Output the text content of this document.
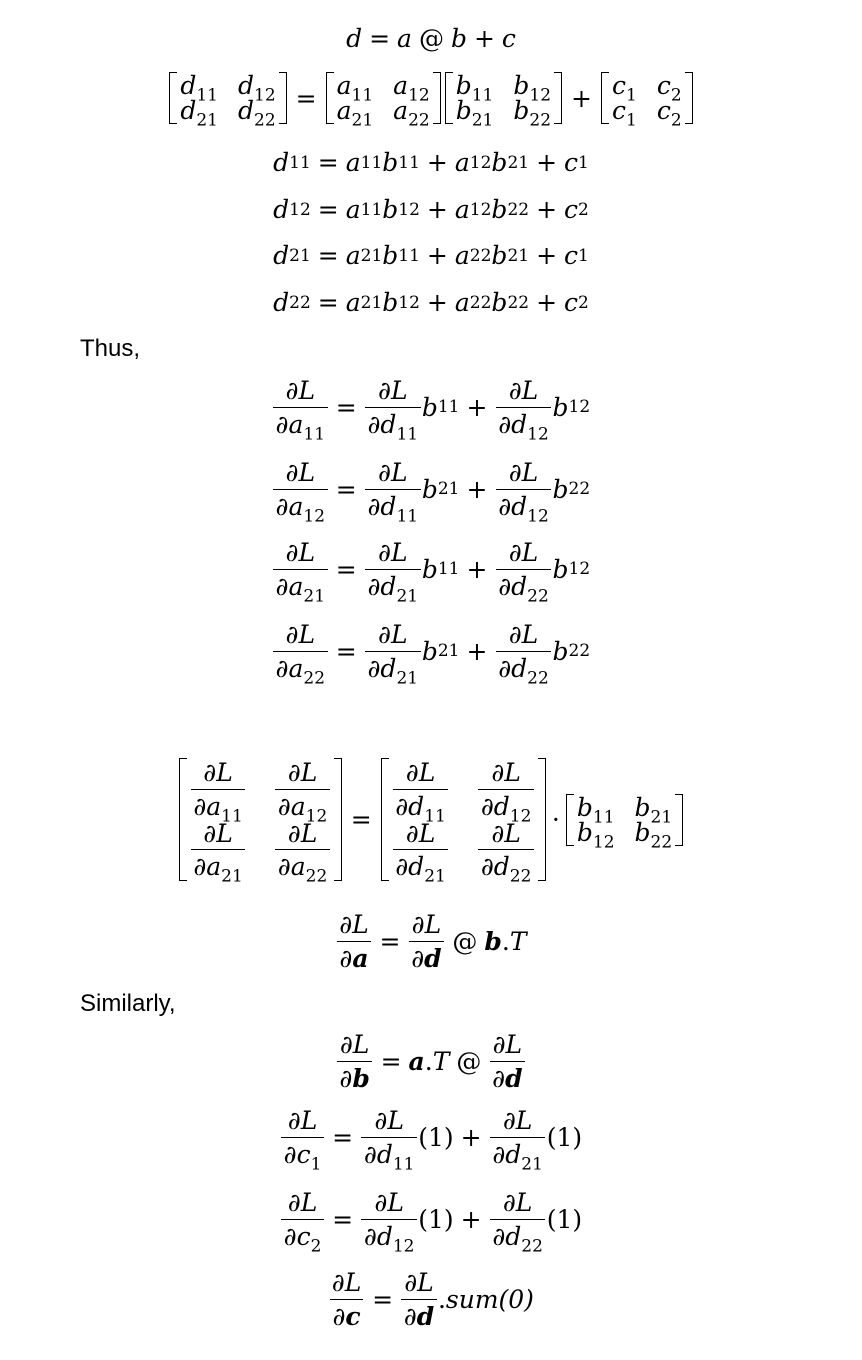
d = a @ b + c
$d_{11}$ $d_{12}$
$d_{21}$ $d_{22}$
= $a_{11}$ $a_{12}$
$a_{21}$ $a_{22}$
$b_{11}$ $b_{12}$
$b_{21}$ $b_{22}$
+ $c_1$ $c_2$
$c_1$ $c_2$
d 11 = a 11 b 11 + a 12 b 21 + c 1
d 12 = a 11 b 12 + a 12 b 22 + c 2
d 21 = a 21 b 11 + a 22 b 21 + c 1
d 22 = a 21 b 12 + a 22 b 22 + c 2
Thus,
$\frac{\partial L}{\partial a_{11}} = \frac{\partial L}{\partial d_{11}}$ b $11 + \frac{\partial L}{\partial d_{12}}$ b 12
$\frac{\partial L}{\partial a_{12}} = \frac{\partial L}{\partial d_{11}}$ b $21 + \frac{\partial L}{\partial d_{12}}$ b 22
$\frac{\partial L}{\partial a_{21}} = \frac{\partial L}{\partial d_{21}}$ b $11 + \frac{\partial L}{\partial d_{22}}$ b 12
$\frac{\partial L}{\partial a_{22}} = \frac{\partial L}{\partial d_{21}}$ b $21 + \frac{\partial L}{\partial d_{22}}$ b 22
$\frac{\partial L}{\partial a_{11}} \frac{\partial L}{\partial a_{12}}$
$\frac{\partial L}{\partial a_{21}} \frac{\partial L}{\partial a_{22}}$
=
$\frac{\partial L}{\partial d_{11}} \frac{\partial L}{\partial d_{12}}$
$\frac{\partial L}{\partial d_{21}} \frac{\partial L}{\partial d_{22}}$
· $b_{11}$ $b_{21}$
$b_{12}$ $b_{22}$
$\frac{\partial L}{\partial a} = \frac{\partial L}{\partial d}$ @ b . T
Similarly,
$\frac{\partial L}{\partial b} = a$ . T @ $\frac{\partial L}{\partial d}$
$\frac{\partial L}{\partial c_1} = \frac{\partial L}{\partial d_{11}} (1) + \frac{\partial L}{\partial d_{21}} (1)$
$\frac{\partial L}{\partial c_2} = \frac{\partial L}{\partial d_{12}} (1) + \frac{\partial L}{\partial d_{22}} (1)$
$\frac{\partial L}{\partial c} = \frac{\partial L}{\partial d}$ . sum(0)
